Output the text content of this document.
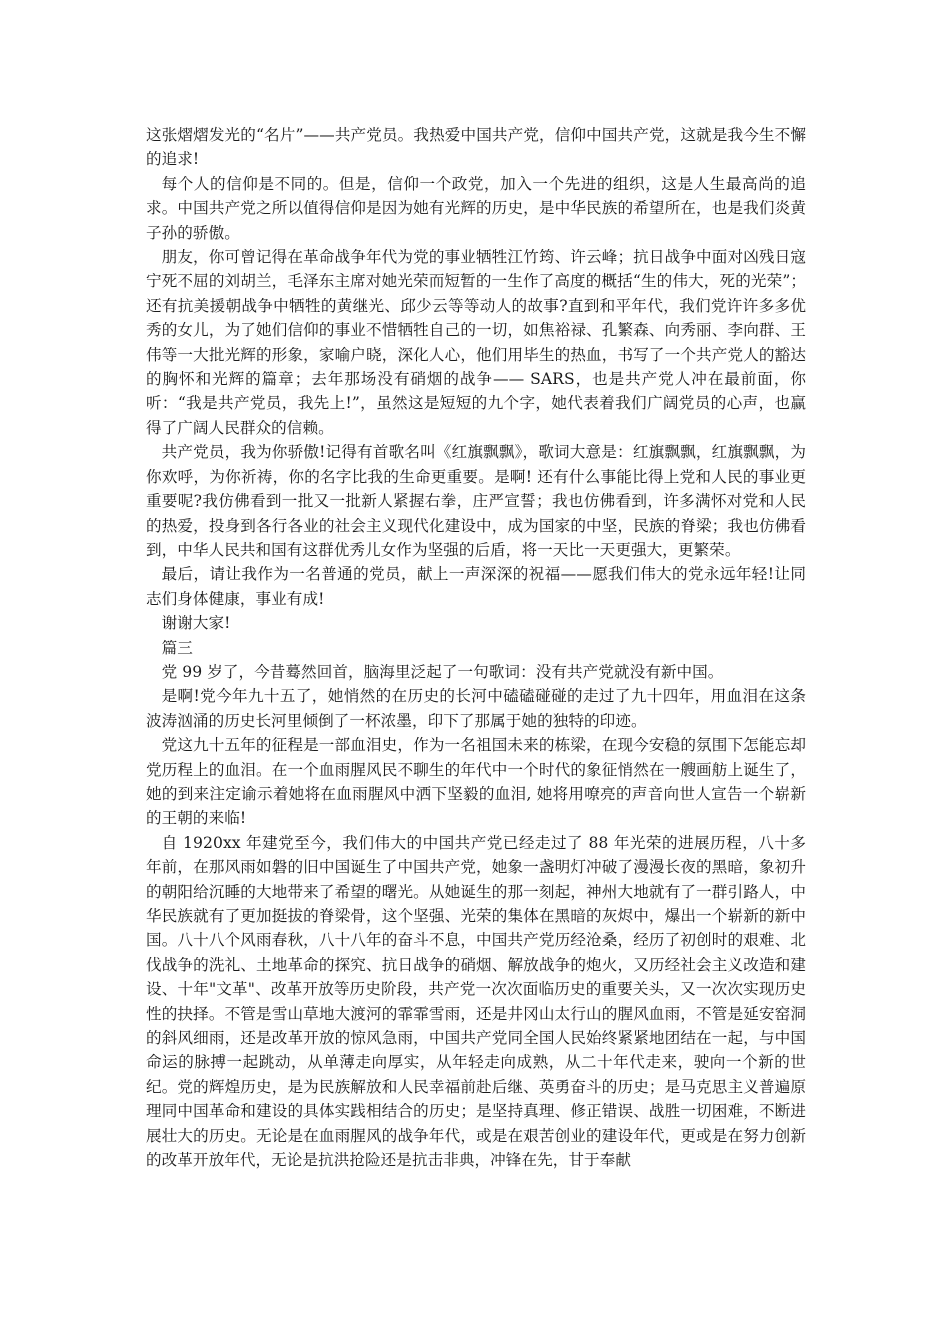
这张熠熠发光的“名片”——共产党员。我热爱中国共产党，信仰中国共产党，这就是我今生不懈的追求!

每个人的信仰是不同的。但是，信仰一个政党，加入一个先进的组织，这是人生最高尚的追求。中国共产党之所以值得信仰是因为她有光辉的历史，是中华民族的希望所在，也是我们炎黄子孙的骄傲。

朋友，你可曾记得在革命战争年代为党的事业牺牲江竹筠、许云峰；抗日战争中面对凶残日寇宁死不屈的刘胡兰，毛泽东主席对她光荣而短暂的一生作了高度的概括“生的伟大，死的光荣”；还有抗美援朝战争中牺牲的黄继光、邱少云等等动人的故事?直到和平年代，我们党许许多多优秀的女儿，为了她们信仰的事业不惜牺牲自己的一切，如焦裕禄、孔繁森、向秀丽、李向群、王伟等一大批光辉的形象，家喻户晓，深化人心，他们用毕生的热血，书写了一个共产党人的豁达的胸怀和光辉的篇章；去年那场没有硝烟的战争—— SARS，也是共产党人冲在最前面，你听：“我是共产党员，我先上!”，虽然这是短短的九个字，她代表着我们广阔党员的心声，也赢得了广阔人民群众的信赖。

共产党员，我为你骄傲!记得有首歌名叫《红旗飘飘》，歌词大意是：红旗飘飘，红旗飘飘，为你欢呼，为你祈祷，你的名字比我的生命更重要。是啊! 还有什么事能比得上党和人民的事业更重要呢?我仿佛看到一批又一批新人紧握右拳，庄严宣誓；我也仿佛看到，许多满怀对党和人民的热爱，投身到各行各业的社会主义现代化建设中，成为国家的中坚，民族的脊梁；我也仿佛看到，中华人民共和国有这群优秀儿女作为坚强的后盾，将一天比一天更强大，更繁荣。

最后，请让我作为一名普通的党员，献上一声深深的祝福——愿我们伟大的党永远年轻!让同志们身体健康，事业有成!

谢谢大家!

篇三

党 99 岁了，今昔蓦然回首，脑海里泛起了一句歌词：没有共产党就没有新中国。

是啊!党今年九十五了，她悄然的在历史的长河中磕磕碰碰的走过了九十四年，用血泪在这条波涛汹涌的历史长河里倾倒了一杯浓墨，印下了那属于她的独特的印迹。

党这九十五年的征程是一部血泪史，作为一名祖国未来的栋梁，在现今安稳的氛围下怎能忘却党历程上的血泪。在一个血雨腥风民不聊生的年代中一个时代的象征悄然在一艘画舫上诞生了，她的到来注定谕示着她将在血雨腥风中洒下坚毅的血泪, 她将用嘹亮的声音向世人宣告一个崭新的王朝的来临!

自 1920xx 年建党至今，我们伟大的中国共产党已经走过了 88 年光荣的进展历程，八十多年前，在那风雨如磐的旧中国诞生了中国共产党，她象一盏明灯冲破了漫漫长夜的黑暗，象初升的朝阳给沉睡的大地带来了希望的曙光。从她诞生的那一刻起，神州大地就有了一群引路人，中华民族就有了更加挺拔的脊梁骨，这个坚强、光荣的集体在黑暗的灰烬中，爆出一个崭新的新中国。八十八个风雨春秋，八十八年的奋斗不息，中国共产党历经沧桑，经历了初创时的艰难、北伐战争的洗礼、土地革命的探究、抗日战争的硝烟、解放战争的炮火，又历经社会主义改造和建设、十年"文革"、改革开放等历史阶段，共产党一次次面临历史的重要关头，又一次次实现历史性的抉择。不管是雪山草地大渡河的霏霏雪雨，还是井冈山太行山的腥风血雨，不管是延安窑洞的斜风细雨，还是改革开放的惊风急雨，中国共产党同全国人民始终紧紧地团结在一起，与中国命运的脉搏一起跳动，从单薄走向厚实，从年轻走向成熟，从二十年代走来，驶向一个新的世纪。党的辉煌历史，是为民族解放和人民幸福前赴后继、英勇奋斗的历史；是马克思主义普遍原理同中国革命和建设的具体实践相结合的历史；是坚持真理、修正错误、战胜一切困难，不断进展壮大的历史。无论是在血雨腥风的战争年代，或是在艰苦创业的建设年代，更或是在努力创新的改革开放年代，无论是抗洪抢险还是抗击非典，冲锋在先，甘于奉献
